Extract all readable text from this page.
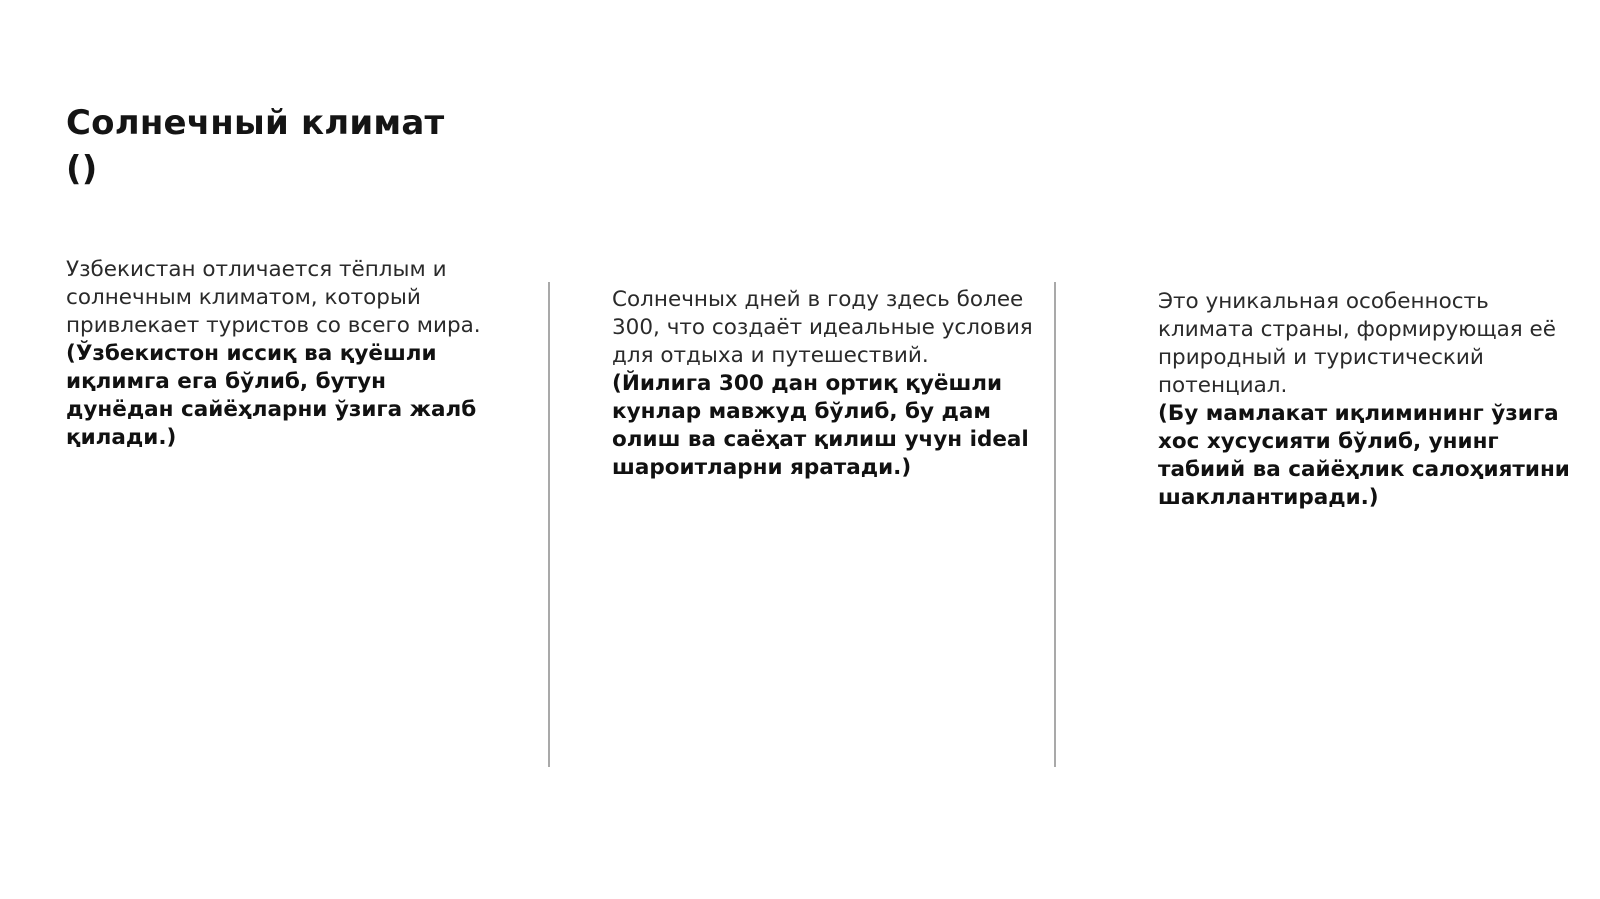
Солнечный климат
()

Узбекистан отличается тёплым и солнечным климатом, который привлекает туристов со всего мира.

(Ўзбекистон иссиқ ва қуёшли иқлимга ега бўлиб, бутун дунёдан сайёҳларни ўзига жалб қилади.)

Солнечных дней в году здесь более 300, что создаёт идеальные условия для отдыха и путешествий.

(Йилига 300 дан ортиқ қуёшли кунлар мавжуд бўлиб, бу дам олиш ва саёҳат қилиш учун ideal шароитларни яратади.)

Это уникальная особенность климата страны, формирующая её природный и туристический потенциал.

(Бу мамлакат иқлимининг ўзига хос хусусияти бўлиб, унинг табиий ва сайёҳлик салоҳиятини шакллантиради.)
